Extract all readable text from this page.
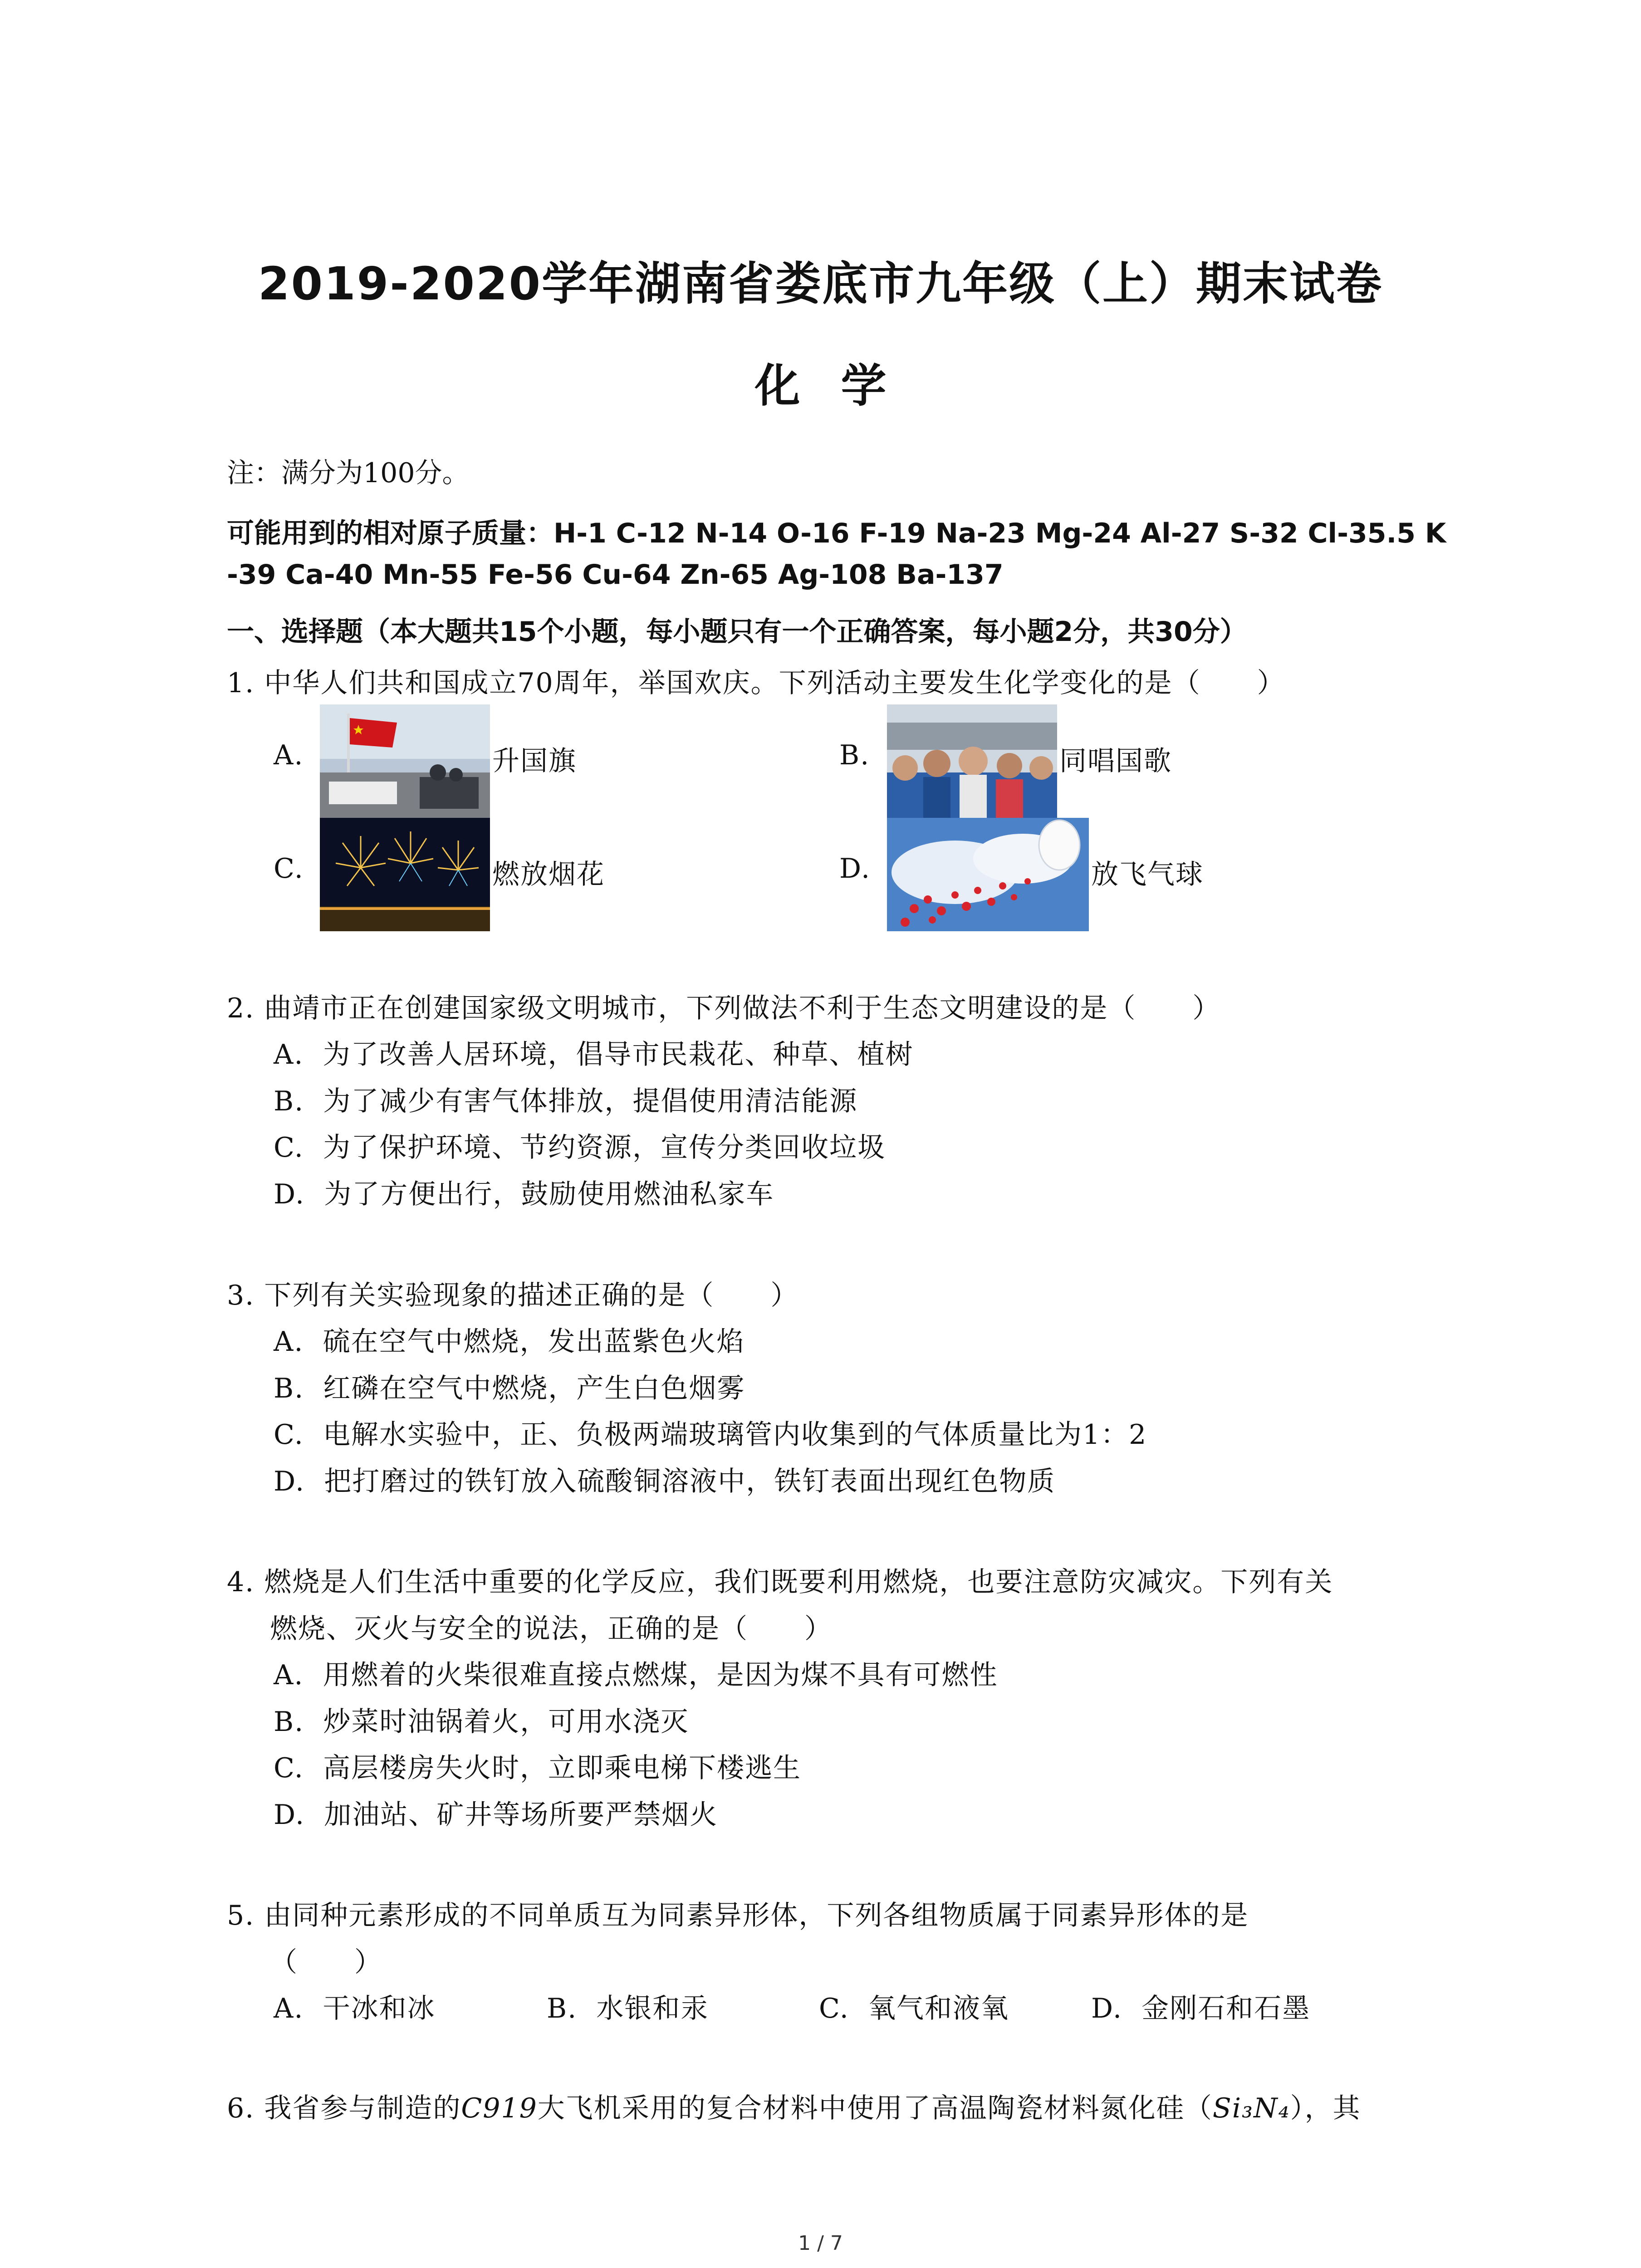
2019-2020学年湖南省娄底市九年级（上）期末试卷
化学
注：满分为100分。
可能用到的相对原子质量：H-1 C-12 N-14 O-16 F-19 Na-23 Mg-24 Al-27 S-32 Cl-35.5 K
-39 Ca-40 Mn-55 Fe-56 Cu-64 Zn-65 Ag-108 Ba-137
一、选择题（本大题共15个小题，每小题只有一个正确答案，每小题2分，共30分）
1. 中华人们共和国成立70周年，举国欢庆。下列活动主要发生化学变化的是（　　）
A.	升国旗	B.	同唱国歌
C.	燃放烟花	D.	放飞气球
2. 曲靖市正在创建国家级文明城市，下列做法不利于生态文明建设的是（　　）
A. 为了改善人居环境，倡导市民栽花、种草、植树
B. 为了减少有害气体排放，提倡使用清洁能源
C. 为了保护环境、节约资源，宣传分类回收垃圾
D. 为了方便出行，鼓励使用燃油私家车
3. 下列有关实验现象的描述正确的是（　　）
A. 硫在空气中燃烧，发出蓝紫色火焰
B. 红磷在空气中燃烧，产生白色烟雾
C. 电解水实验中，正、负极两端玻璃管内收集到的气体质量比为1：2
D. 把打磨过的铁钉放入硫酸铜溶液中，铁钉表面出现红色物质
4. 燃烧是人们生活中重要的化学反应，我们既要利用燃烧，也要注意防灾减灾。下列有关
燃烧、灭火与安全的说法，正确的是（　　）
A. 用燃着的火柴很难直接点燃煤，是因为煤不具有可燃性
B. 炒菜时油锅着火，可用水浇灭
C. 高层楼房失火时，立即乘电梯下楼逃生
D. 加油站、矿井等场所要严禁烟火
5. 由同种元素形成的不同单质互为同素异形体，下列各组物质属于同素异形体的是
（　　）
A. 干冰和冰	B. 水银和汞	C. 氧气和液氧	D. 金刚石和石墨
6. 我省参与制造的C919大飞机采用的复合材料中使用了高温陶瓷材料氮化硅（Si₃N₄），其
1 / 7
